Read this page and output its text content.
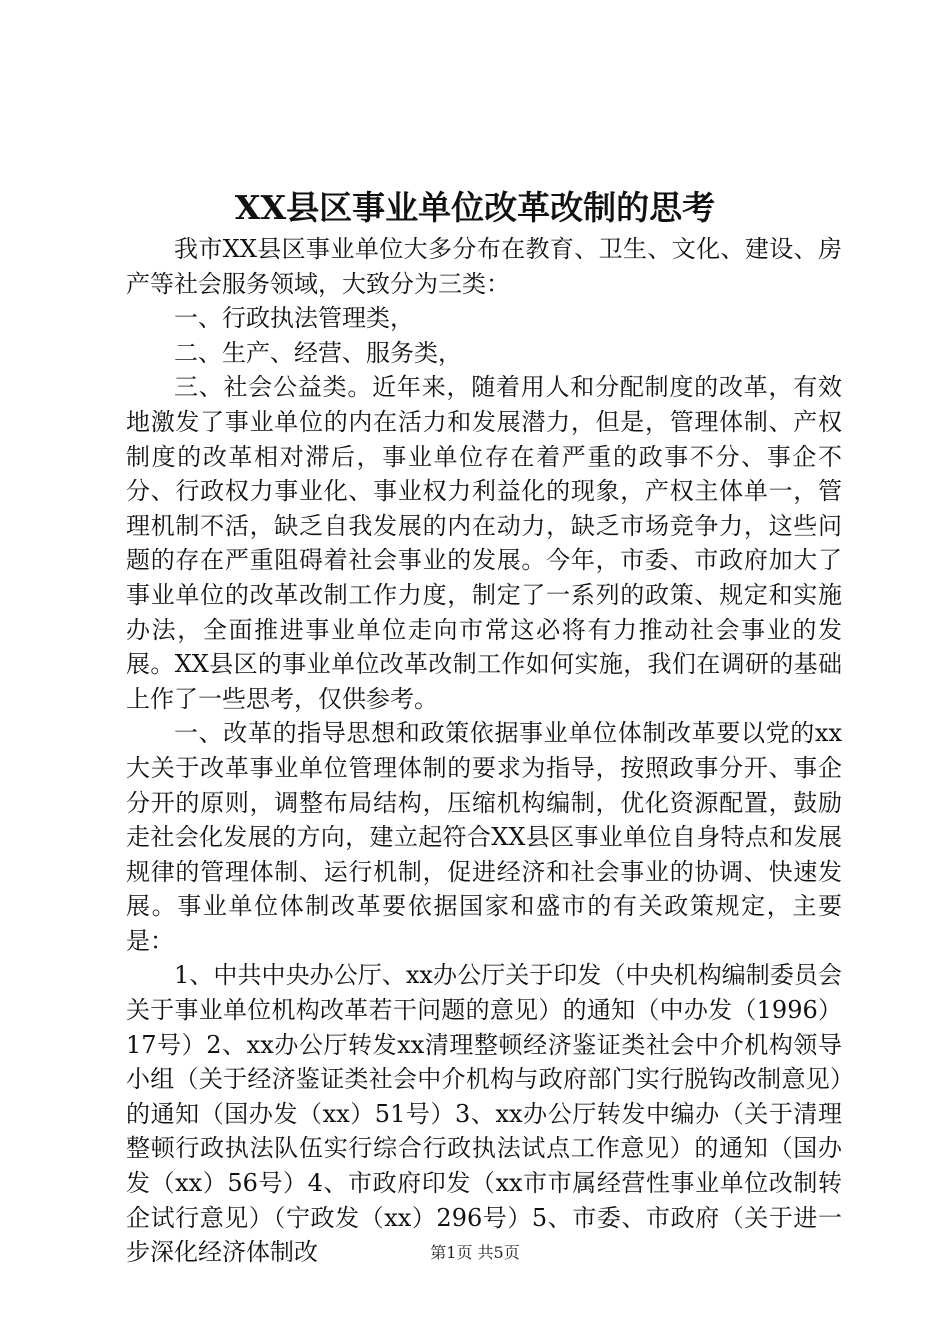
XX县区事业单位改革改制的思考

我市XX县区事业单位大多分布在教育、卫生、文化、建设、房产等社会服务领域，大致分为三类：

一、行政执法管理类，

二、生产、经营、服务类，

三、社会公益类。近年来，随着用人和分配制度的改革，有效地激发了事业单位的内在活力和发展潜力，但是，管理体制、产权制度的改革相对滞后，事业单位存在着严重的政事不分、事企不分、行政权力事业化、事业权力利益化的现象，产权主体单一，管理机制不活，缺乏自我发展的内在动力，缺乏市场竞争力，这些问题的存在严重阻碍着社会事业的发展。今年，市委、市政府加大了事业单位的改革改制工作力度，制定了一系列的政策、规定和实施办法，全面推进事业单位走向市常这必将有力推动社会事业的发展。XX县区的事业单位改革改制工作如何实施，我们在调研的基础上作了一些思考，仅供参考。

一、改革的指导思想和政策依据事业单位体制改革要以党的xx大关于改革事业单位管理体制的要求为指导，按照政事分开、事企分开的原则，调整布局结构，压缩机构编制，优化资源配置，鼓励走社会化发展的方向，建立起符合XX县区事业单位自身特点和发展规律的管理体制、运行机制，促进经济和社会事业的协调、快速发展。事业单位体制改革要依据国家和盛市的有关政策规定，主要是：

1、中共中央办公厅、xx办公厅关于印发（中央机构编制委员会关于事业单位机构改革若干问题的意见）的通知（中办发（1996）17号）2、xx办公厅转发xx清理整顿经济鉴证类社会中介机构领导小组（关于经济鉴证类社会中介机构与政府部门实行脱钩改制意见）的通知（国办发（xx）51号）3、xx办公厅转发中编办（关于清理整顿行政执法队伍实行综合行政执法试点工作意见）的通知（国办发（xx）56号）4、市政府印发（xx市市属经营性事业单位改制转企试行意见）（宁政发（xx）296号）5、市委、市政府（关于进一步深化经济体制改	第1页 共5页
